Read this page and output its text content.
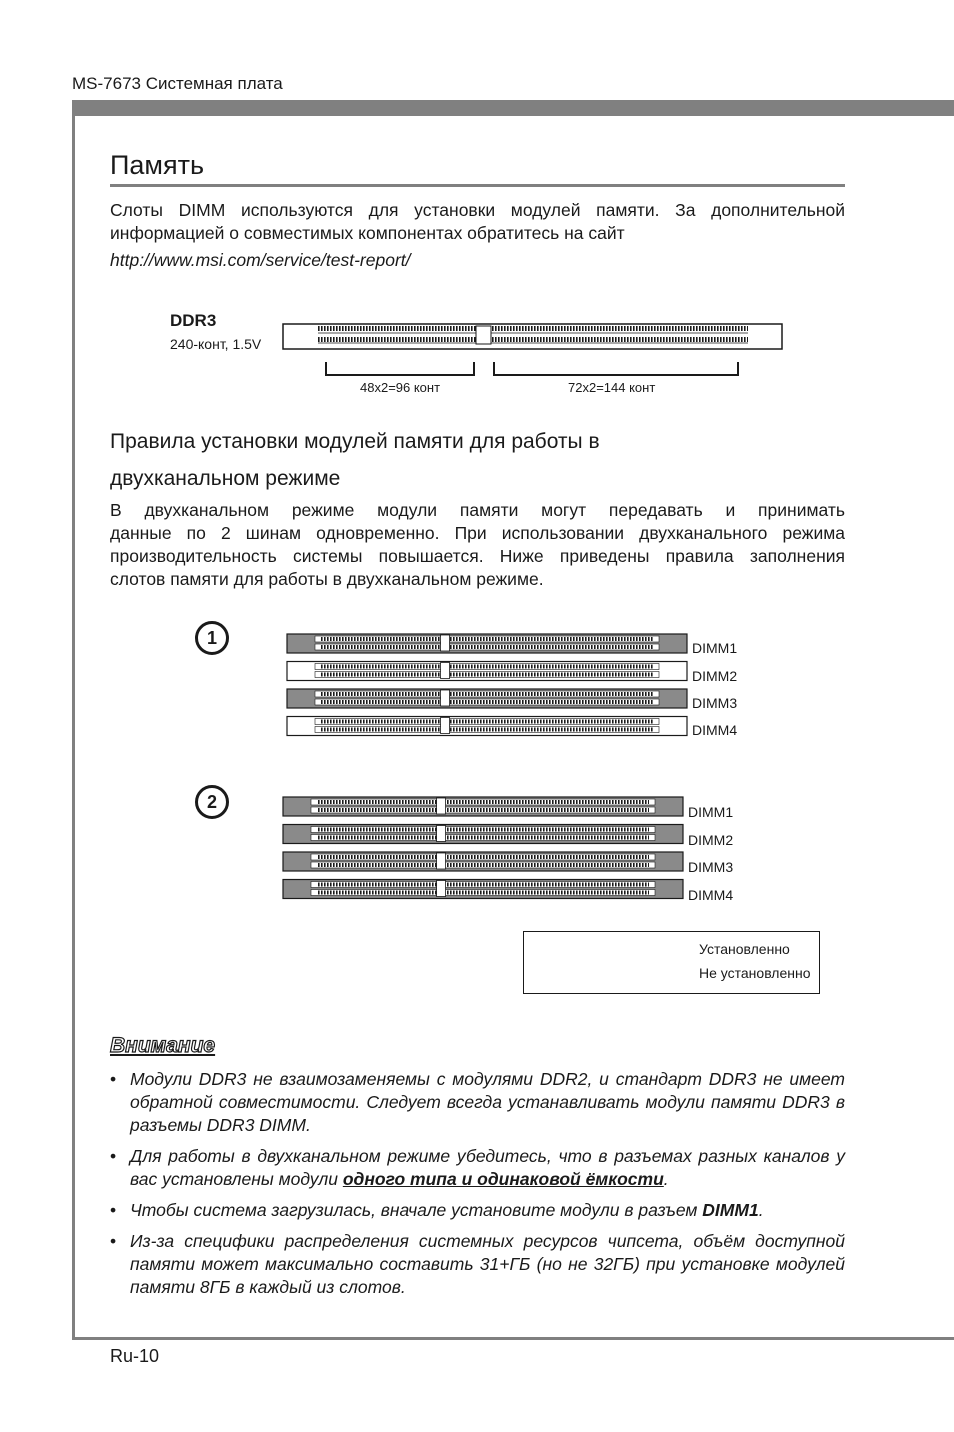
MS-7673 Системная плата
Память
Слоты DIMM используются для установки модулей памяти. За дополнительной
информацией о совместимых компонентах обратитесь на сайт
http://www.msi.com/service/test-report/
DDR3
240-конт, 1.5V
48x2=96 конт	72x2=144 конт
Правила установки модулей памяти для работы в
двухканальном режиме
В двухканальном режиме модули памяти могут передавать и принимать
данные по 2 шинам одновременно. При использовании двухканального режима
производительность системы повышается. Ниже приведены правила заполнения
слотов памяти для работы в двухканальном режиме.
1
2
DIMM1
DIMM2
DIMM3
DIMM4
DIMM1
DIMM2
DIMM3
DIMM4
Установленно
Не установленно
Внимание
• Модули DDR3 не взаимозаменяемы с модулями DDR2, и стандарт DDR3 не имеет обратной совместимости. Следует всегда устанавливать модули памяти DDR3 в разъемы DDR3 DIMM.
• Для работы в двухканальном режиме убедитесь, что в разъемах разных каналов у вас установлены модули одного типа и одинаковой ёмкости.
• Чтобы система загрузилась, вначале установите модули в разъем DIMM1.
• Из-за специфики распределения системных ресурсов чипсета, объём доступной памяти может максимально составить 31+ГБ (но не 32ГБ) при установке модулей памяти 8ГБ в каждый из слотов.
Ru-10
